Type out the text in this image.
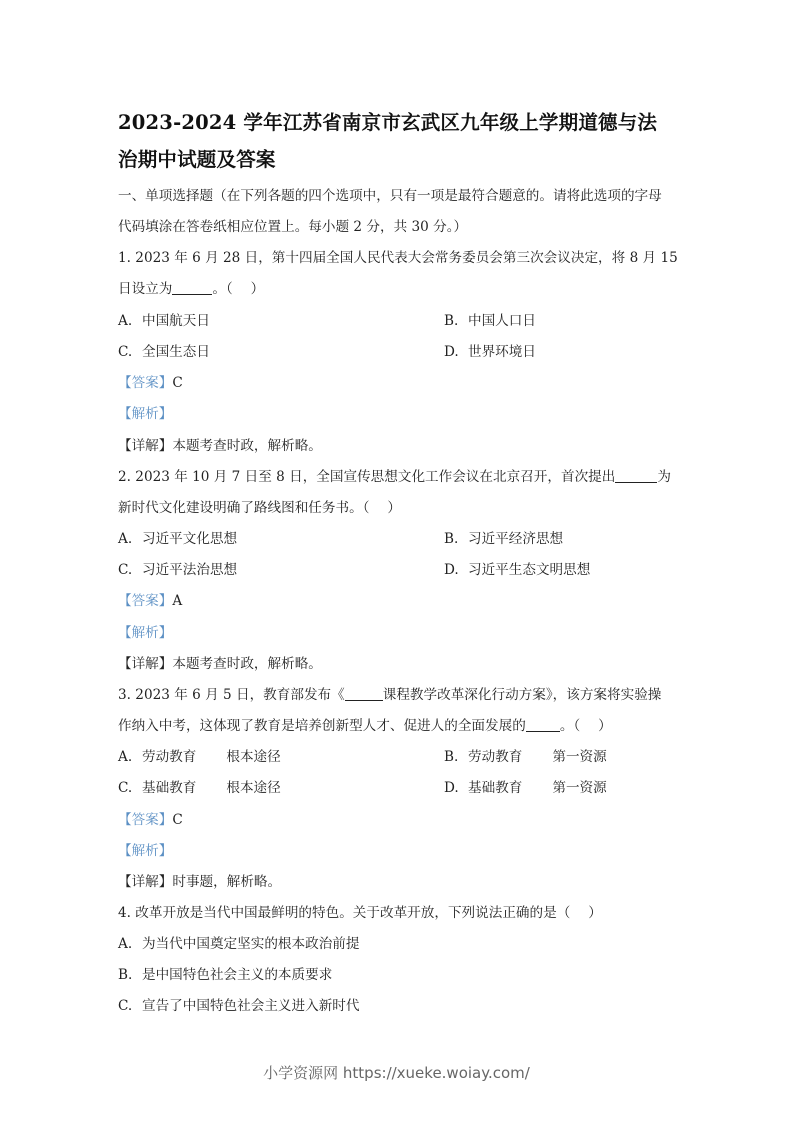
2023-2024 学年江苏省南京市玄武区九年级上学期道德与法
治期中试题及答案
一、单项选择题（在下列各题的四个选项中，只有一项是最符合题意的。请将此选项的字母
代码填涂在答卷纸相应位置上。每小题 2 分，共 30 分。）
1. 2023 年 6 月 28 日，第十四届全国人民代表大会常务委员会第三次会议决定，将 8 月 15
日设立为	。（　 ）
A. 中国航天日	B. 中国人口日
C. 全国生态日	D. 世界环境日
【答案】C
【解析】
【详解】本题考查时政，解析略。
2. 2023 年 10 月 7 日至 8 日，全国宣传思想文化工作会议在北京召开，首次提出	为
新时代文化建设明确了路线图和任务书。（　 ）
A. 习近平文化思想	B. 习近平经济思想
C. 习近平法治思想	D. 习近平生态文明思想
【答案】A
【解析】
【详解】本题考查时政，解析略。
3. 2023 年 6 月 5 日，教育部发布《	课程教学改革深化行动方案》，该方案将实验操
作纳入中考，这体现了教育是培养创新型人才、促进人的全面发展的	。（　 ）
A. 劳动教育 根本途径	B. 劳动教育 第一资源
C. 基础教育 根本途径	D. 基础教育 第一资源
【答案】C
【解析】
【详解】时事题，解析略。
4. 改革开放是当代中国最鲜明的特色。关于改革开放，下列说法正确的是（　 ）
A. 为当代中国奠定坚实的根本政治前提
B. 是中国特色社会主义的本质要求
C. 宣告了中国特色社会主义进入新时代
小学资源网 https://xueke.woiay.com/
